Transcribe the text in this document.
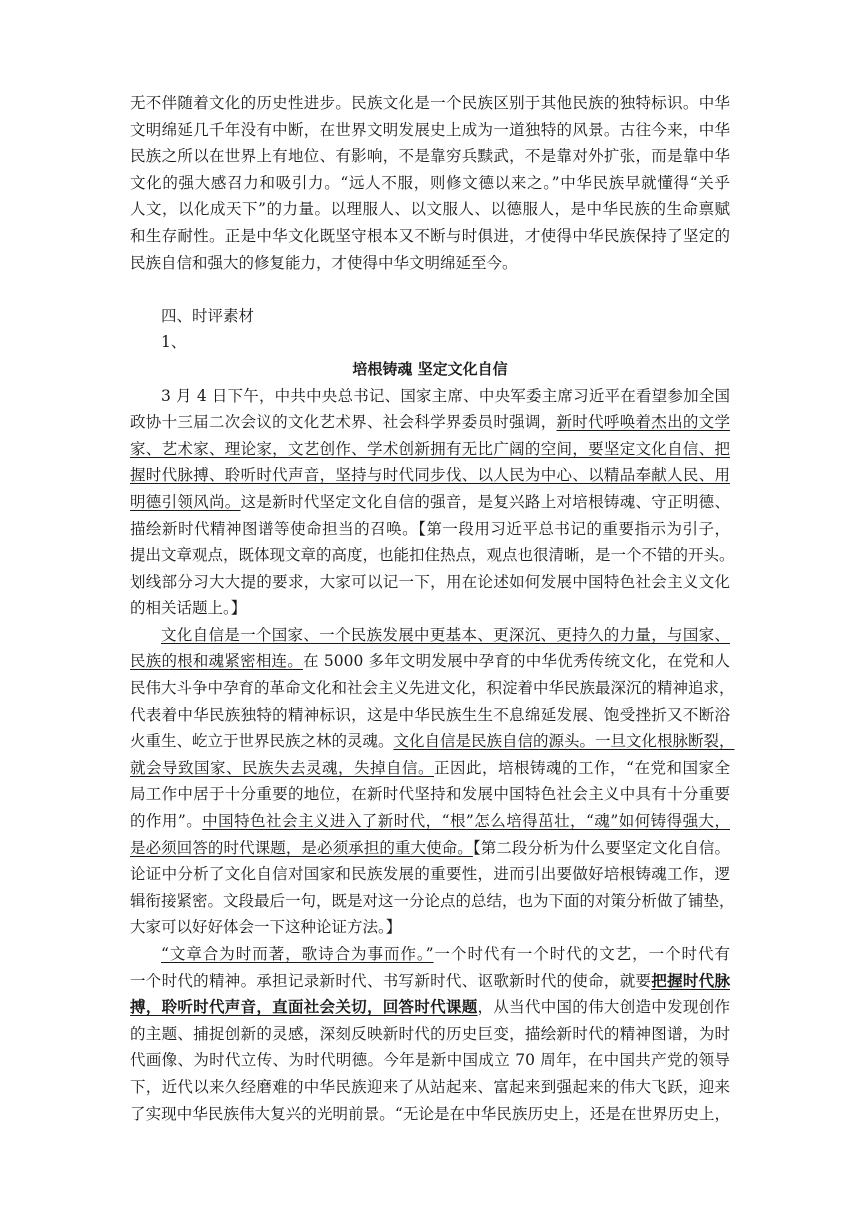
无不伴随着文化的历史性进步。民族文化是一个民族区别于其他民族的独特标识。中华
文明绵延几千年没有中断，在世界文明发展史上成为一道独特的风景。古往今来，中华
民族之所以在世界上有地位、有影响，不是靠穷兵黩武，不是靠对外扩张，而是靠中华
文化的强大感召力和吸引力。“远人不服，则修文德以来之。”中华民族早就懂得“关乎
人文，以化成天下”的力量。以理服人、以文服人、以德服人，是中华民族的生命禀赋
和生存耐性。正是中华文化既坚守根本又不断与时俱进，才使得中华民族保持了坚定的
民族自信和强大的修复能力，才使得中华文明绵延至今。
四、时评素材
1、
培根铸魂 坚定文化自信
3 月 4 日下午，中共中央总书记、国家主席、中央军委主席习近平在看望参加全国
政协十三届二次会议的文化艺术界、社会科学界委员时强调，新时代呼唤着杰出的文学
家、艺术家、理论家，文艺创作、学术创新拥有无比广阔的空间，要坚定文化自信、把
握时代脉搏、聆听时代声音，坚持与时代同步伐、以人民为中心、以精品奉献人民、用
明德引领风尚。这是新时代坚定文化自信的强音，是复兴路上对培根铸魂、守正明德、
描绘新时代精神图谱等使命担当的召唤。【第一段用习近平总书记的重要指示为引子，
提出文章观点，既体现文章的高度，也能扣住热点，观点也很清晰，是一个不错的开头。
划线部分习大大提的要求，大家可以记一下，用在论述如何发展中国特色社会主义文化
的相关话题上。】
文化自信是一个国家、一个民族发展中更基本、更深沉、更持久的力量，与国家、
民族的根和魂紧密相连。在 5000 多年文明发展中孕育的中华优秀传统文化，在党和人
民伟大斗争中孕育的革命文化和社会主义先进文化，积淀着中华民族最深沉的精神追求，
代表着中华民族独特的精神标识，这是中华民族生生不息绵延发展、饱受挫折又不断浴
火重生、屹立于世界民族之林的灵魂。文化自信是民族自信的源头。一旦文化根脉断裂，
就会导致国家、民族失去灵魂，失掉自信。正因此，培根铸魂的工作，“在党和国家全
局工作中居于十分重要的地位，在新时代坚持和发展中国特色社会主义中具有十分重要
的作用”。中国特色社会主义进入了新时代，“根”怎么培得茁壮，“魂”如何铸得强大，
是必须回答的时代课题，是必须承担的重大使命。【第二段分析为什么要坚定文化自信。
论证中分析了文化自信对国家和民族发展的重要性，进而引出要做好培根铸魂工作，逻
辑衔接紧密。文段最后一句，既是对这一分论点的总结，也为下面的对策分析做了铺垫，
大家可以好好体会一下这种论证方法。】
“文章合为时而著，歌诗合为事而作。”一个时代有一个时代的文艺，一个时代有
一个时代的精神。承担记录新时代、书写新时代、讴歌新时代的使命，就要把握时代脉
搏，聆听时代声音，直面社会关切，回答时代课题，从当代中国的伟大创造中发现创作
的主题、捕捉创新的灵感，深刻反映新时代的历史巨变，描绘新时代的精神图谱，为时
代画像、为时代立传、为时代明德。今年是新中国成立 70 周年，在中国共产党的领导
下，近代以来久经磨难的中华民族迎来了从站起来、富起来到强起来的伟大飞跃，迎来
了实现中华民族伟大复兴的光明前景。“无论是在中华民族历史上，还是在世界历史上，
